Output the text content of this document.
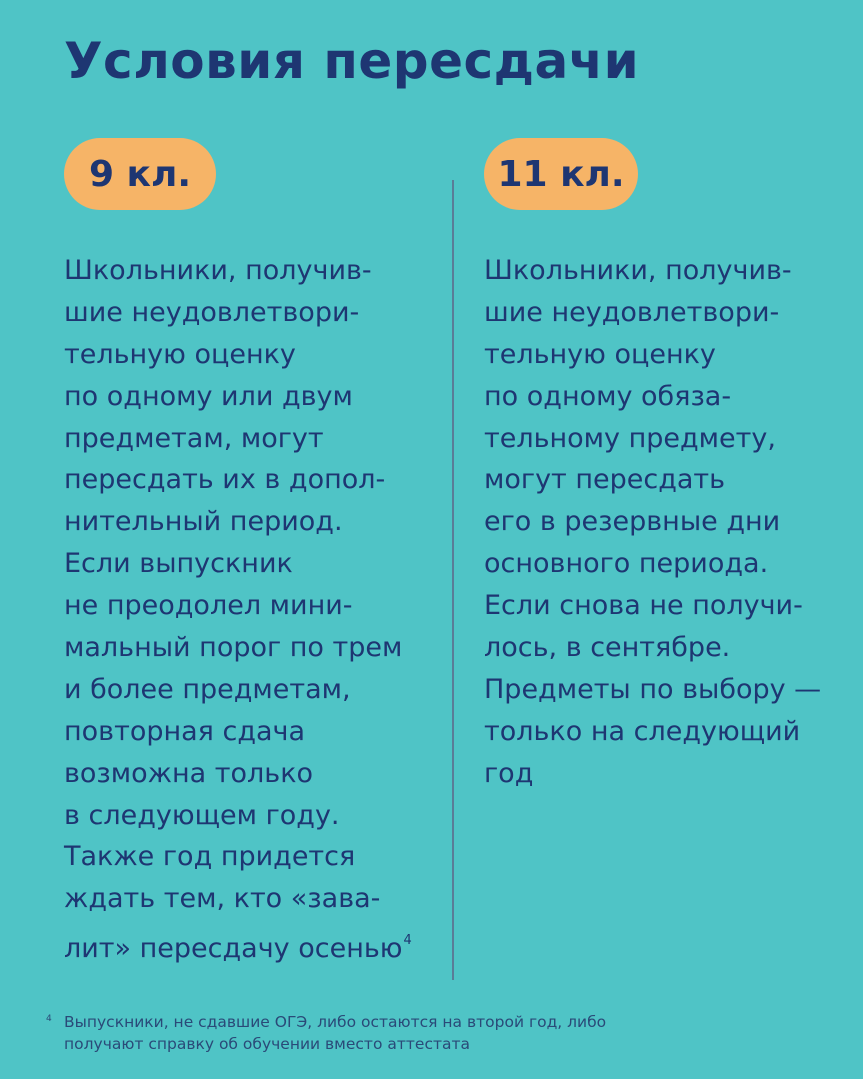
Условия пересдачи
9 кл.	11 кл.
Школьники, получив-
шие неудовлетвори-
тельную оценку
по одному или двум
предметам, могут
пересдать их в допол-
нительный период.
Если выпускник
не преодолел мини-
мальный порог по трем
и более предметам,
повторная сдача
возможна только
в следующем году.
Также год придется
ждать тем, кто «зава-
лит» пересдачу осенью$^4$
Школьники, получив-
шие неудовлетвори-
тельную оценку
по одному обяза-
тельному предмету,
могут пересдать
его в резервные дни
основного периода.
Если снова не получи-
лось, в сентябре.
Предметы по выбору —
только на следующий
год
4 Выпускники, не сдавшие ОГЭ, либо остаются на второй год, либо
получают справку об обучении вместо аттестата
